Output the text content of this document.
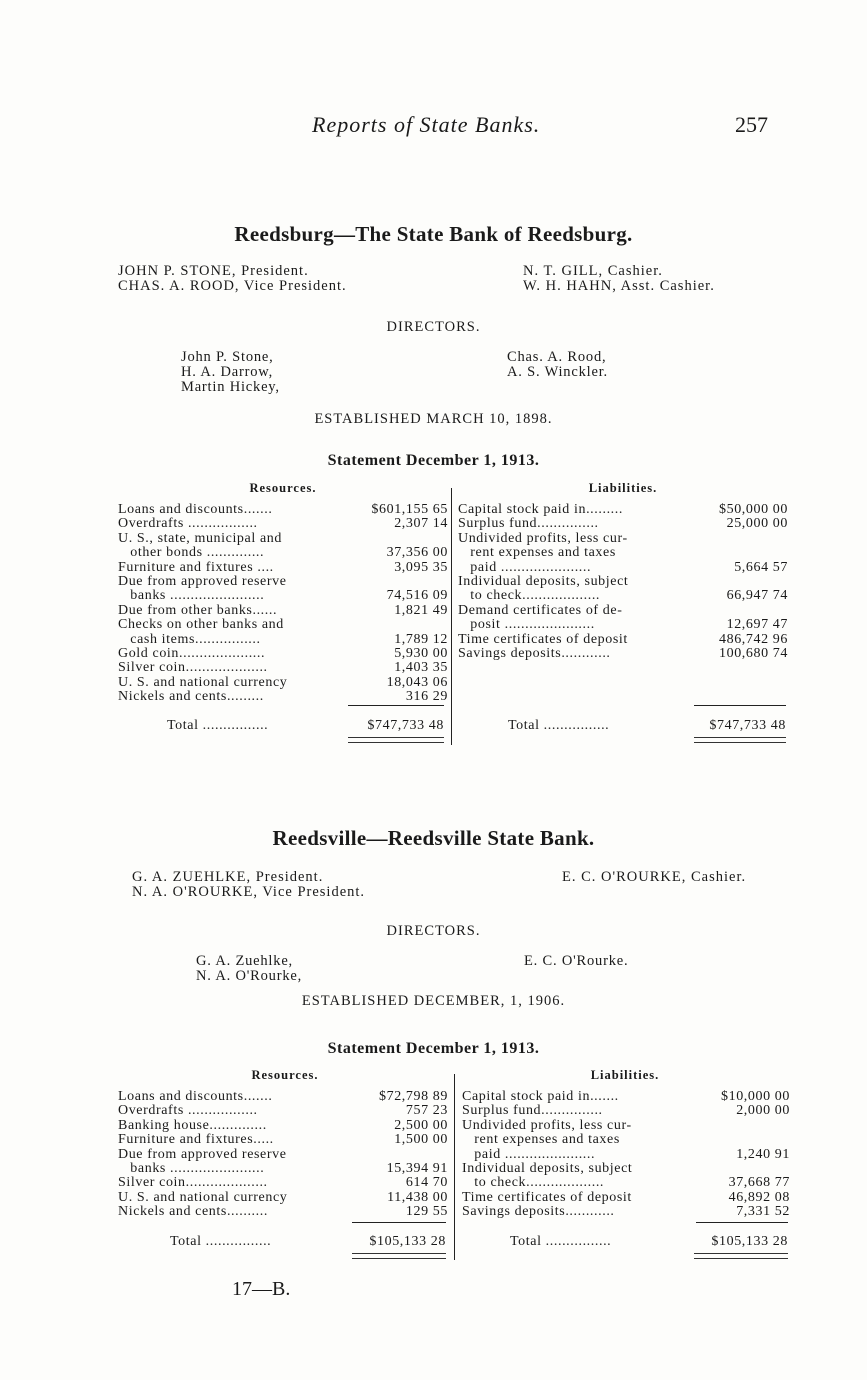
Reports of State Banks.	257
Reedsburg—The State Bank of Reedsburg.
JOHN P. STONE, President.
CHAS. A. ROOD, Vice President.
N. T. GILL, Cashier.
W. H. HAHN, Asst. Cashier.
DIRECTORS.
John P. Stone,
H. A. Darrow,
Martin Hickey,
Chas. A. Rood,
A. S. Winckler.
ESTABLISHED MARCH 10, 1898.
Statement December 1, 1913.
Resources.	Liabilities.
Loans and discounts.......	$601,155 65
Overdrafts .................	2,307 14
U. S., state, municipal and
other bonds ..............	37,356 00
Furniture and fixtures ....	3,095 35
Due from approved reserve
banks .......................	74,516 09
Due from other banks......	1,821 49
Checks on other banks and
cash items................	1,789 12
Gold coin.....................	5,930 00
Silver coin....................	1,403 35
U. S. and national currency	18,043 06
Nickels and cents.........	316 29
Capital stock paid in.........	$50,000 00
Surplus fund...............	25,000 00
Undivided profits, less cur-
rent expenses and taxes
paid ......................	5,664 57
Individual deposits, subject
to check...................	66,947 74
Demand certificates of de-
posit ......................	12,697 47
Time certificates of deposit	486,742 96
Savings deposits............	100,680 74
Total ................	$747,733 48	Total ................	$747,733 48
Reedsville—Reedsville State Bank.
G. A. ZUEHLKE, President.
N. A. O'ROURKE, Vice President.
E. C. O'ROURKE, Cashier.
DIRECTORS.
G. A. Zuehlke,
N. A. O'Rourke,
E. C. O'Rourke.
ESTABLISHED DECEMBER, 1, 1906.
Statement December 1, 1913.
Resources.	Liabilities.
Loans and discounts.......	$72,798 89
Overdrafts .................	757 23
Banking house..............	2,500 00
Furniture and fixtures.....	1,500 00
Due from approved reserve
banks .......................	15,394 91
Silver coin....................	614 70
U. S. and national currency	11,438 00
Nickels and cents..........	129 55
Capital stock paid in.......	$10,000 00
Surplus fund...............	2,000 00
Undivided profits, less cur-
rent expenses and taxes
paid ......................	1,240 91
Individual deposits, subject
to check...................	37,668 77
Time certificates of deposit	46,892 08
Savings deposits............	7,331 52
Total ................	$105,133 28	Total ................	$105,133 28
17—B.
